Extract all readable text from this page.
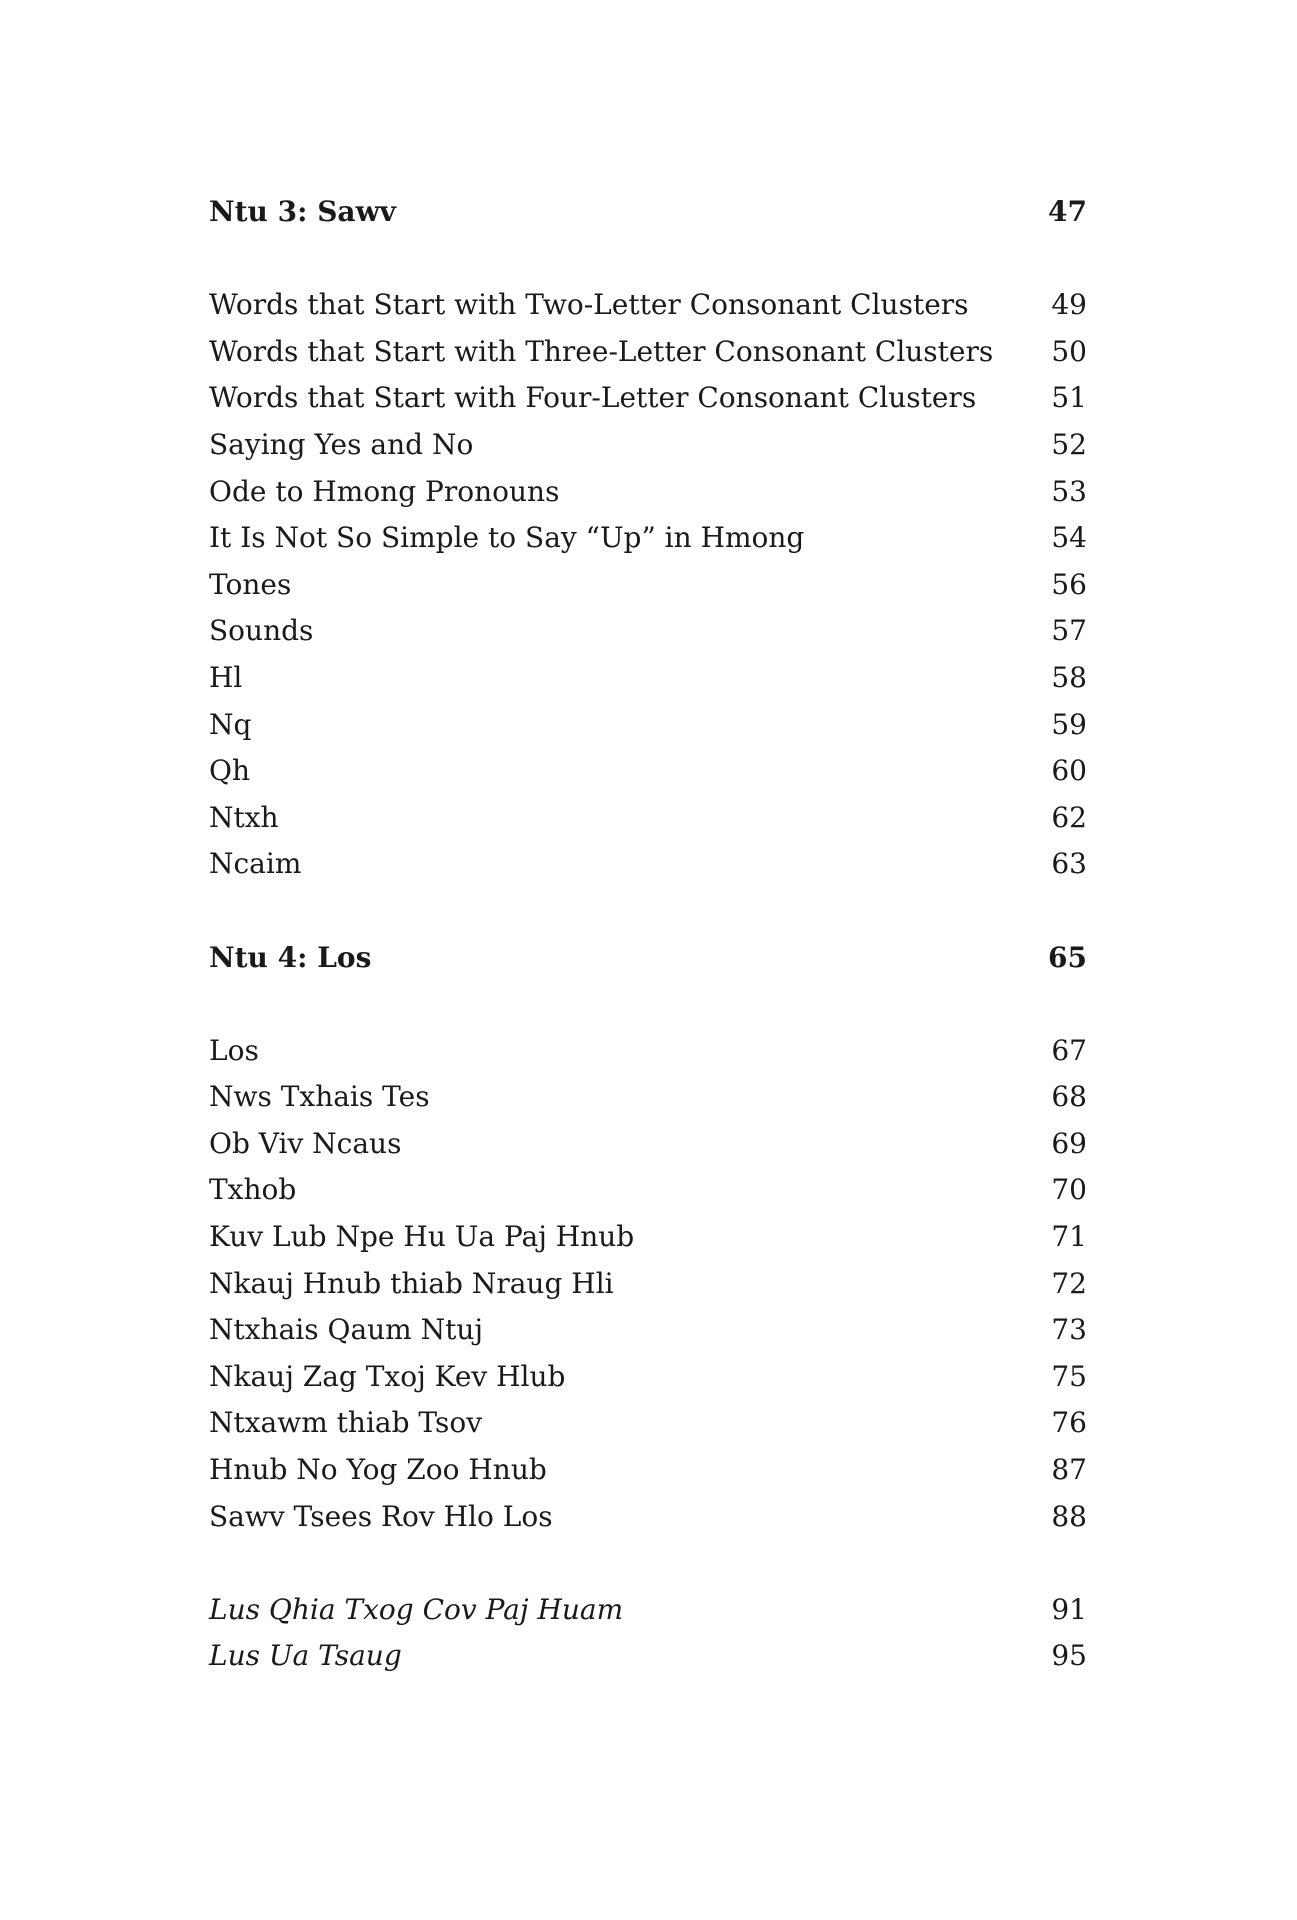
Ntu 3: Sawv	47
Words that Start with Two-Letter Consonant Clusters	49
Words that Start with Three-Letter Consonant Clusters 50
Words that Start with Four-Letter Consonant Clusters	51
Saying Yes and No	52
Ode to Hmong Pronouns	53
It Is Not So Simple to Say “Up” in Hmong	54
Tones	56
Sounds	57
Hl	58
Nq	59
Qh	60
Ntxh	62
Ncaim	63
Ntu 4: Los	65
Los	67
Nws Txhais Tes	68
Ob Viv Ncaus	69
Txhob	70
Kuv Lub Npe Hu Ua Paj Hnub	71
Nkauj Hnub thiab Nraug Hli	72
Ntxhais Qaum Ntuj	73
Nkauj Zag Txoj Kev Hlub	75
Ntxawm thiab Tsov	76
Hnub No Yog Zoo Hnub	87
Sawv Tsees Rov Hlo Los	88
Lus Qhia Txog Cov Paj Huam	91
Lus Ua Tsaug	95
